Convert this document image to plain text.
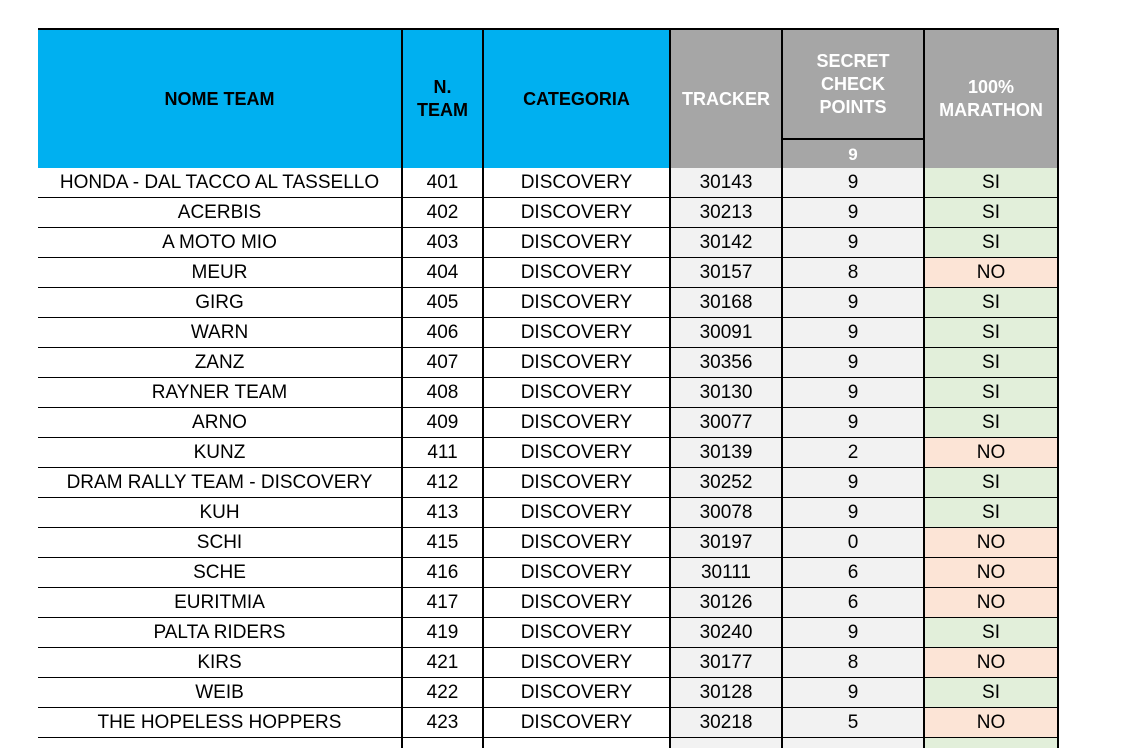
NOME TEAM	N. TEAM	CATEGORIA	TRACKER	SECRET CHECK POINTS	100% MARATHON

				9	
HONDA - DAL TACCO AL TASSELLO	401	DISCOVERY	30143	9	SI
ACERBIS	402	DISCOVERY	30213	9	SI
A MOTO MIO	403	DISCOVERY	30142	9	SI
MEUR	404	DISCOVERY	30157	8	NO
GIRG	405	DISCOVERY	30168	9	SI
WARN	406	DISCOVERY	30091	9	SI
ZANZ	407	DISCOVERY	30356	9	SI
RAYNER TEAM	408	DISCOVERY	30130	9	SI
ARNO	409	DISCOVERY	30077	9	SI
KUNZ	411	DISCOVERY	30139	2	NO
DRAM RALLY TEAM - DISCOVERY	412	DISCOVERY	30252	9	SI
KUH	413	DISCOVERY	30078	9	SI
SCHI	415	DISCOVERY	30197	0	NO
SCHE	416	DISCOVERY	30111	6	NO
EURITMIA	417	DISCOVERY	30126	6	NO
PALTA RIDERS	419	DISCOVERY	30240	9	SI
KIRS	421	DISCOVERY	30177	8	NO
WEIB	422	DISCOVERY	30128	9	SI
THE HOPELESS HOPPERS	423	DISCOVERY	30218	5	NO
